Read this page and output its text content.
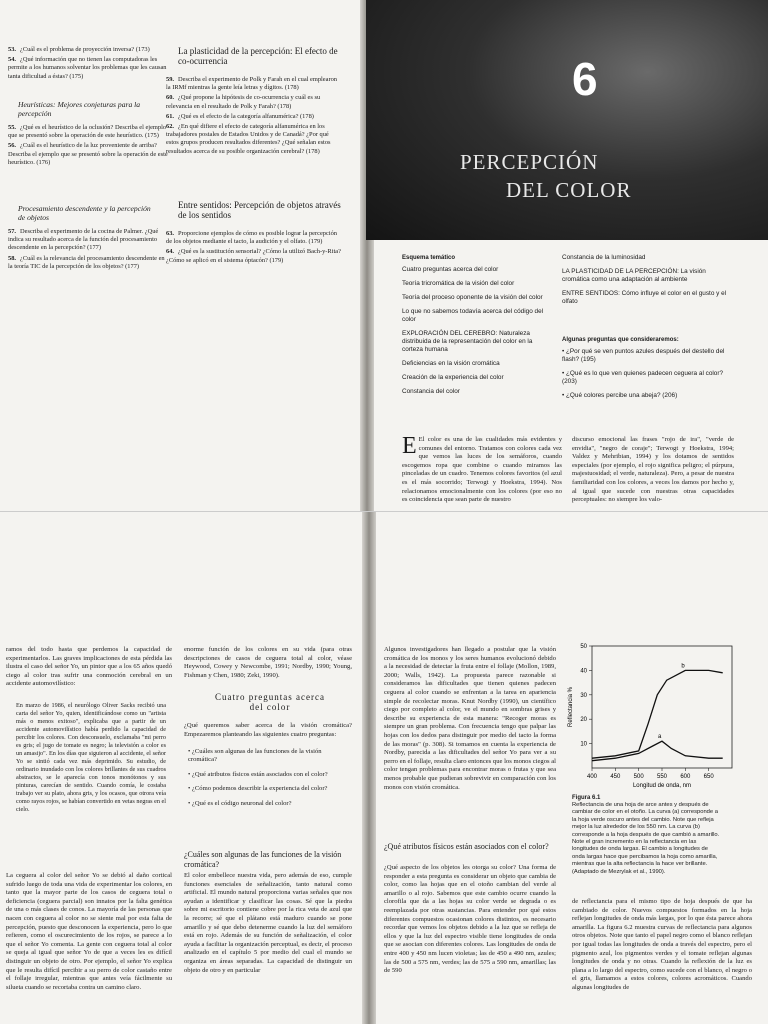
53. ¿Cuál es el problema de proyección inversa? (173)
54. ¿Qué información que no tienen las computadoras les permite a los humanos solventar los problemas que les causan tanta dificultad a éstas? (175)
Heurísticas: Mejores conjeturas para la percepción
55. ¿Qué es el heurístico de la oclusión? Describa el ejemplo que se presentó sobre la operación de este heurístico. (175)
56. ¿Cuál es el heurístico de la luz proveniente de arriba? Describa el ejemplo que se presentó sobre la operación de este heurístico. (176)
Procesamiento descendente y la percepción de objetos
57. Describa el experimento de la cocina de Palmer. ¿Qué indica su resultado acerca de la función del procesamiento descendente en la percepción? (177)
58. ¿Cuál es la relevancia del procesamiento descendente en la teoría TIC de la percepción de los objetos? (177)
La plasticidad de la percepción: El efecto de co-ocurrencia
59. Describa el experimento de Polk y Farah en el cual emplearon la IRMf mientras la gente leía letras y dígitos. (178)
60. ¿Qué propone la hipótesis de co-ocurrencia y cuál es su relevancia en el resultado de Polk y Farah? (178)
61. ¿Qué es el efecto de la categoría alfanumérica? (178)
62. ¿En qué difiere el efecto de categoría alfanumérica en los trabajadores postales de Estados Unidos y de Canadá? ¿Por qué estos grupos producen resultados diferentes? ¿Qué señalan estos resultados acerca de su posible organización cerebral? (178)
Entre sentidos: Percepción de objetos através de los sentidos
63. Proporcione ejemplos de cómo es posible lograr la percepción de los objetos mediante el tacto, la audición y el olfato. (179)
64. ¿Qué es la sustitución sensorial? ¿Cómo la utilizó Bach-y-Rita? ¿Cómo se aplicó en el sistema óptacón? (179)
6
PERCEPCIÓN
DEL COLOR
Esquema temático
Cuatro preguntas acerca del color
Teoría tricromática de la visión del color
Teoría del proceso oponente de la visión del color
Lo que no sabemos todavía acerca del código del color
EXPLORACIÓN DEL CEREBRO: Naturaleza distribuida de la representación del color en la corteza humana
Deficiencias en la visión cromática
Creación de la experiencia del color
Constancia del color
Constancia de la luminosidad
LA PLASTICIDAD DE LA PERCEPCIÓN: La visión cromática como una adaptación al ambiente
ENTRE SENTIDOS: Cómo influye el color en el gusto y el olfato
Algunas preguntas que consideraremos:
• ¿Por qué se ven puntos azules después del destello del flash? (195)
• ¿Qué es lo que ven quienes padecen ceguera al color? (203)
• ¿Qué colores percibe una abeja? (206)
E El color es una de las cualidades más evidentes y comunes del entorno. Tratamos con colores cada vez que vemos las luces de los semáforos, cuando escogemos ropa que combine o cuando miramos las pinceladas de un cuadro. Tenemos colores favoritos (el azul es el más socorrido; Terwogt y Hoekstra, 1994). Nos relacionamos emocionalmente con los colores (por eso no es coincidencia que sean parte de nuestro
discurso emocional las frases "rojo de ira", "verde de envidia", "negro de coraje"; Terwogt y Hoekstra, 1994; Valdez y Mehribian, 1994) y los dotamos de sentidos especiales (por ejemplo, el rojo significa peligro; el púrpura, majestuosidad; el verde, naturaleza). Pero, a pesar de nuestra familiaridad con los colores, a veces los damos por hecho y, al igual que sucede con nuestras otras capacidades perceptuales: no siempre los valo-
ramos del todo hasta que perdemos la capacidad de experimentarlos. Las graves implicaciones de esta pérdida las ilustra el caso del señor Yo, un pintor que a los 65 años quedó ciego al color tras sufrir una conmoción cerebral en un accidente automovilístico:
En marzo de 1986, el neurólogo Oliver Sacks recibió una carta del señor Yo, quien, identificándose como un "artista más o menos exitoso", explicaba que a partir de un accidente automovilístico había perdido la capacidad de percibir los colores. Con desconsuelo, exclamaba "mi perro es gris; el jugo de tomate es negro; la televisión a color es un amasijo". En los días que siguieron al accidente, el señor Yo se sintió cada vez más deprimido. Su estudio, de ordinario inundado con los colores brillantes de sus cuadros abstractos, se le aparecía con tonos monótonos y sus pinturas, carecían de sentido. Cuando comía, le costaba trabajo ver su plato, ahora gris, y los ocasos, que otrora veía como rayos rojos, se habían convertido en vetas negras en el cielo.
La ceguera al color del señor Yo se debió al daño cortical sufrido luego de toda una vida de experimentar los colores, en tanto que la mayor parte de los casos de ceguera total o deficiencia (ceguera parcial) son innatos por la falta genética de una o más clases de conos. La mayoría de las personas que nacen con ceguera al color no se siente mal por esta falta de percepción, puesto que desconocen la experiencia, pero lo que refieren, como el oscurecimiento de los rojos, se parece a lo que el señor Yo comenta. La gente con ceguera total al color se queja al igual que señor Yo de que a veces les es difícil distinguir un objeto de otro. Por ejemplo, el señor Yo explica que le resulta difícil percibir a su perro de color castaño entre el follaje irregular, mientras que antes veía fácilmente su silueta cuando se recortaba contra un camino claro.
enorme función de los colores en su vida (para otras descripciones de casos de ceguera total al color, véase Heywood, Cowey y Newcombe, 1991; Nordby, 1990; Young, Fishman y Chen, 1980; Zeki, 1990).
Cuatro preguntas acerca del color
¿Qué queremos saber acerca de la visión cromática? Empezaremos planteando las siguientes cuatro preguntas:
• ¿Cuáles son algunas de las funciones de la visión cromática?
• ¿Qué atributos físicos están asociados con el color?
• ¿Cómo podemos describir la experiencia del color?
• ¿Qué es el código neuronal del color?
¿Cuáles son algunas de las funciones de la visión cromática?
El color embellece nuestra vida, pero además de eso, cumple funciones esenciales de señalización, tanto natural como artificial. El mundo natural proporciona varias señales que nos ayudan a identificar y clasificar las cosas. Sé que la piedra sobre mi escritorio contiene cobre por la rica veta de azul que la recorre; sé que el plátano está maduro cuando se pone amarillo y sé que debo detenerme cuando la luz del semáforo está en rojo. Además de su función de señalización, el color ayuda a facilitar la organización perceptual, es decir, el proceso analizado en el capítulo 5 por medio del cual el mundo se organiza en áreas separadas. La capacidad de distinguir un objeto de otro y en particular
Algunos investigadores han llegado a postular que la visión cromática de los monos y los seres humanos evolucionó debido a la necesidad de detectar la fruta entre el follaje (Mollon, 1989, 2000; Walls, 1942). La propuesta parece razonable si consideramos las dificultades que tienen quienes padecen ceguera al color cuando se enfrentan a la tarea en apariencia simple de recolectar moras. Knut Nordby (1990), un científico ciego por completo al color, ve el mundo en sombras grises y describe su experiencia de esta manera: "Recoger moras es siempre un gran problema. Con frecuencia tengo que palpar las hojas con los dedos para distinguir por medio del tacto la forma de las moras" (p. 308). Si tomamos en cuenta la experiencia de Nordby, parecida a las dificultades del señor Yo para ver a su perro en el follaje, resulta claro entonces que los monos ciegos al color tengan problemas para encontrar moras o frutas y que sea menos probable que pudieran sobrevivir en comparación con los monos con visión cromática.
¿Qué atributos físicos están asociados con el color?
¿Qué aspecto de los objetos les otorga su color? Una forma de responder a esta pregunta es considerar un objeto que cambia de color, como las hojas que en el otoño cambian del verde al amarillo o al rojo. Sabemos que este cambio ocurre cuando la clorofila que da a las hojas su color verde se degrada o es reemplazada por otras sustancias. Para entender por qué estos diferentes compuestos ocasionan colores distintos, es necesario recordar que vemos los objetos debido a la luz que se refleja de ellos y que la luz del espectro visible tiene longitudes de onda que se asocian con diferentes colores. Las longitudes de onda de entre 400 y 450 nm lucen violetas; las de 450 a 490 nm, azules; las de 500 a 575 nm, verdes; las de 575 a 590 nm, amarillas; las de 590
400 450 500 550 600 650
10
20
30
40
50
Longitud de onda, nm
Reflectancia %
b
a
Figura 6.1
Reflectancia de una hoja de arce antes y después de cambiar de color en el otoño. La curva (a) corresponde a la hoja verde oscuro antes del cambio. Note que refleja mejor la luz alrededor de los 550 nm. La curva (b) corresponde a la hoja después de que cambió a amarillo. Note el gran incremento en la reflectancia en las longitudes de onda largas. El cambio a longitudes de onda largas hace que percibamos la hoja como amarilla, mientras que la alta reflectancia la hace ver brillante. (Adaptado de Mezrylak et al., 1990).
de reflectancia para el mismo tipo de hoja después de que ha cambiado de color. Nuevos compuestos formados en la hoja reflejan longitudes de onda más largas, por lo que ésta parece ahora amarilla. La figura 6.2 muestra curvas de reflectancia para algunos otros objetos. Note que tanto el papel negro como el blanco reflejan por igual todas las longitudes de onda a través del espectro, pero el pigmento azul, los pigmentos verdes y el tomate reflejan algunas longitudes de onda y no otras. Cuando la reflexión de la luz es plana a lo largo del espectro, como sucede con el blanco, el negro o el gris, llamamos a estos colores, colores acromáticos. Cuando algunas longitudes de
